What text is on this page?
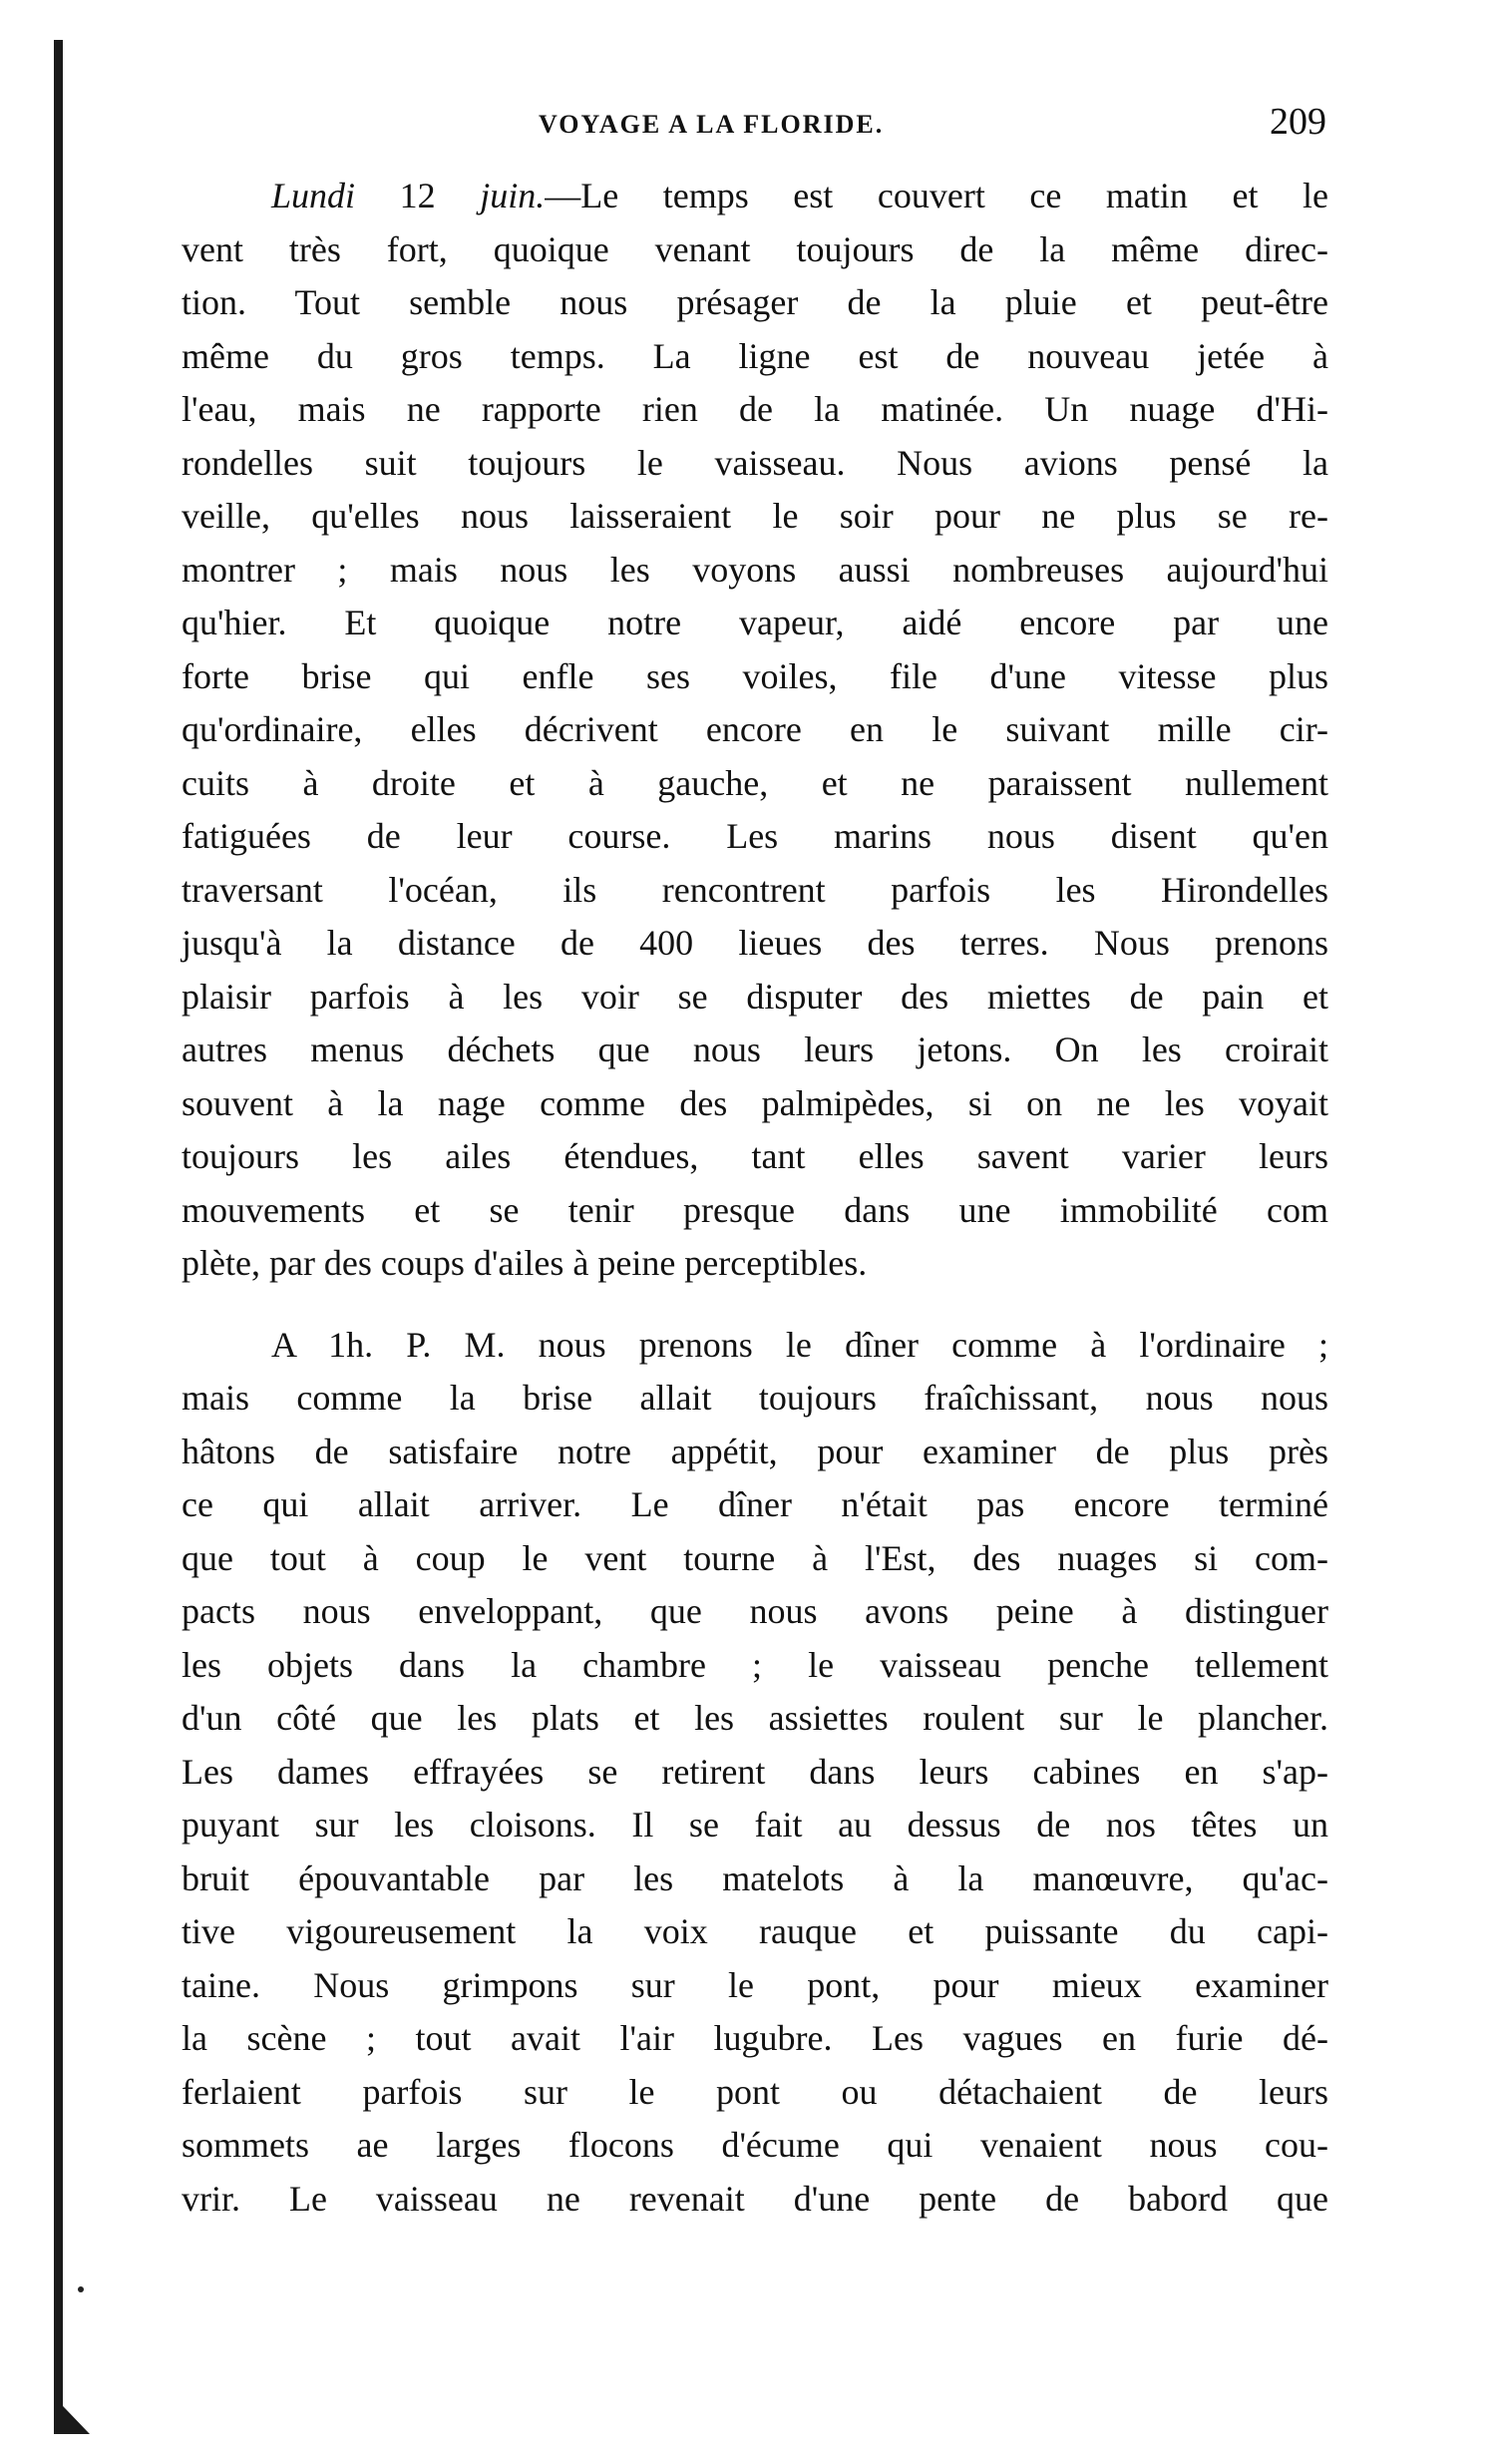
VOYAGE A LA FLORIDE.	209
Lundi 12 juin.—Le temps est couvert ce matin et le
vent très fort, quoique venant toujours de la même direc-
tion. Tout semble nous présager de la pluie et peut-être
même du gros temps. La ligne est de nouveau jetée à
l'eau, mais ne rapporte rien de la matinée. Un nuage d'Hi-
rondelles suit toujours le vaisseau. Nous avions pensé la
veille, qu'elles nous laisseraient le soir pour ne plus se re-
montrer ; mais nous les voyons aussi nombreuses aujourd'hui
qu'hier. Et quoique notre vapeur, aidé encore par une
forte brise qui enfle ses voiles, file d'une vitesse plus
qu'ordinaire, elles décrivent encore en le suivant mille cir-
cuits à droite et à gauche, et ne paraissent nullement
fatiguées de leur course. Les marins nous disent qu'en
traversant l'océan, ils rencontrent parfois les Hirondelles
jusqu'à la distance de 400 lieues des terres. Nous prenons
plaisir parfois à les voir se disputer des miettes de pain et
autres menus déchets que nous leurs jetons. On les croirait
souvent à la nage comme des palmipèdes, si on ne les voyait
toujours les ailes étendues, tant elles savent varier leurs
mouvements et se tenir presque dans une immobilité com
plète, par des coups d'ailes à peine perceptibles.
A 1h. P. M. nous prenons le dîner comme à l'ordinaire ;
mais comme la brise allait toujours fraîchissant, nous nous
hâtons de satisfaire notre appétit, pour examiner de plus près
ce qui allait arriver. Le dîner n'était pas encore terminé
que tout à coup le vent tourne à l'Est, des nuages si com-
pacts nous enveloppant, que nous avons peine à distinguer
les objets dans la chambre ; le vaisseau penche tellement
d'un côté que les plats et les assiettes roulent sur le plancher.
Les dames effrayées se retirent dans leurs cabines en s'ap-
puyant sur les cloisons. Il se fait au dessus de nos têtes un
bruit épouvantable par les matelots à la manœuvre, qu'ac-
tive vigoureusement la voix rauque et puissante du capi-
taine. Nous grimpons sur le pont, pour mieux examiner
la scène ; tout avait l'air lugubre. Les vagues en furie dé-
ferlaient parfois sur le pont ou détachaient de leurs
sommets ae larges flocons d'écume qui venaient nous cou-
vrir. Le vaisseau ne revenait d'une pente de babord que
